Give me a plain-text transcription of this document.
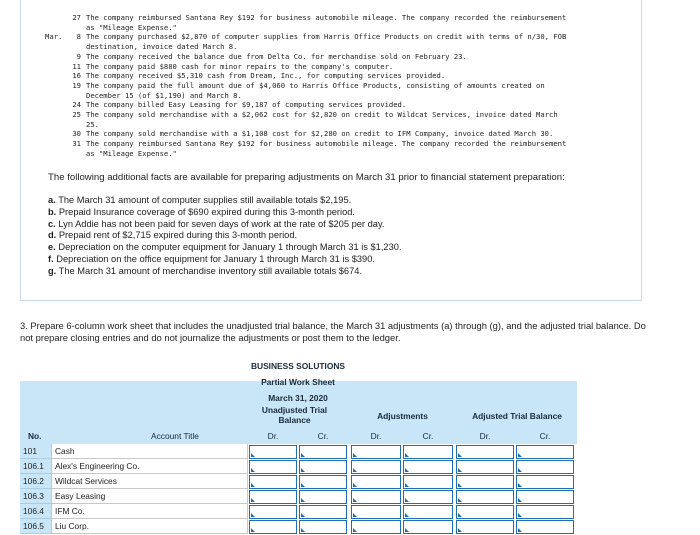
27 The company reimbursed Santana Rey $192 for business automobile mileage. The company recorded the reimbursement
as "Mileage Expense."
Mar.	8 The company purchased $2,870 of computer supplies from Harris Office Products on credit with terms of n/30, FOB
destination, invoice dated March 8.
9 The company received the balance due from Delta Co. for merchandise sold on February 23.
11 The company paid $880 cash for minor repairs to the company's computer.
16 The company received $5,310 cash from Dream, Inc., for computing services provided.
19 The company paid the full amount due of $4,060 to Harris Office Products, consisting of amounts created on
December 15 (of $1,190) and March 8.
24 The company billed Easy Leasing for $9,187 of computing services provided.
25 The company sold merchandise with a $2,062 cost for $2,820 on credit to Wildcat Services, invoice dated March
25.
30 The company sold merchandise with a $1,108 cost for $2,280 on credit to IFM Company, invoice dated March 30.
31 The company reimbursed Santana Rey $192 for business automobile mileage. The company recorded the reimbursement
as "Mileage Expense."
The following additional facts are available for preparing adjustments on March 31 prior to financial statement preparation:
a. The March 31 amount of computer supplies still available totals $2,195.
b. Prepaid Insurance coverage of $690 expired during this 3-month period.
c. Lyn Addie has not been paid for seven days of work at the rate of $205 per day.
d. Prepaid rent of $2,715 expired during this 3-month period.
e. Depreciation on the computer equipment for January 1 through March 31 is $1,230.
f. Depreciation on the office equipment for January 1 through March 31 is $390.
g. The March 31 amount of merchandise inventory still available totals $674.
3. Prepare 6-column work sheet that includes the unadjusted trial balance, the March 31 adjustments (a) through (g), and the adjusted trial balance. Do not prepare closing entries and do not journalize the adjustments or post them to the ledger.
BUSINESS SOLUTIONS
Partial Work Sheet
March 31, 2020
Unadjusted Trial Balance	Adjustments	Adjusted Trial Balance
No.	Account Title	Dr.	Cr.	Dr.	Cr.	Dr.	Cr.
101	Cash
106.1	Alex's Engineering Co.
106.2	Wildcat Services
106.3	Easy Leasing
106.4	IFM Co.
106.5	Liu Corp.
